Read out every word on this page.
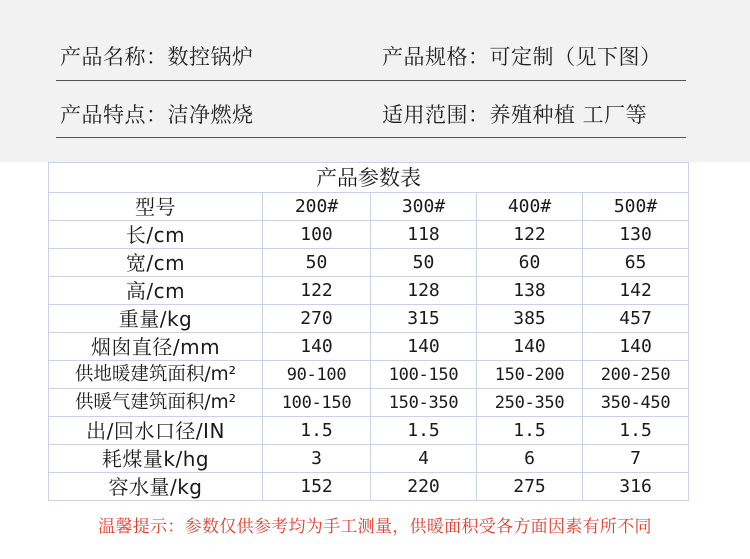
产品名称：数控锅炉	产品规格：可定制（见下图）
产品特点：洁净燃烧	适用范围：养殖种植 工厂等
产品参数表				
型号	200#	300#	400#	500#
长/cm	100	118	122	130
宽/cm	50	50	60	65
高/cm	122	128	138	142
重量/kg	270	315	385	457
烟囱直径/mm	140	140	140	140
供地暖建筑面积/m²	90-100	100-150	150-200	200-250
供暖气建筑面积/m²	100-150	150-350	250-350	350-450
出/回水口径/IN	1.5	1.5	1.5	1.5
耗煤量k/hg	3	4	6	7
容水量/kg	152	220	275	316
温馨提示：参数仅供参考均为手工测量，供暖面积受各方面因素有所不同
